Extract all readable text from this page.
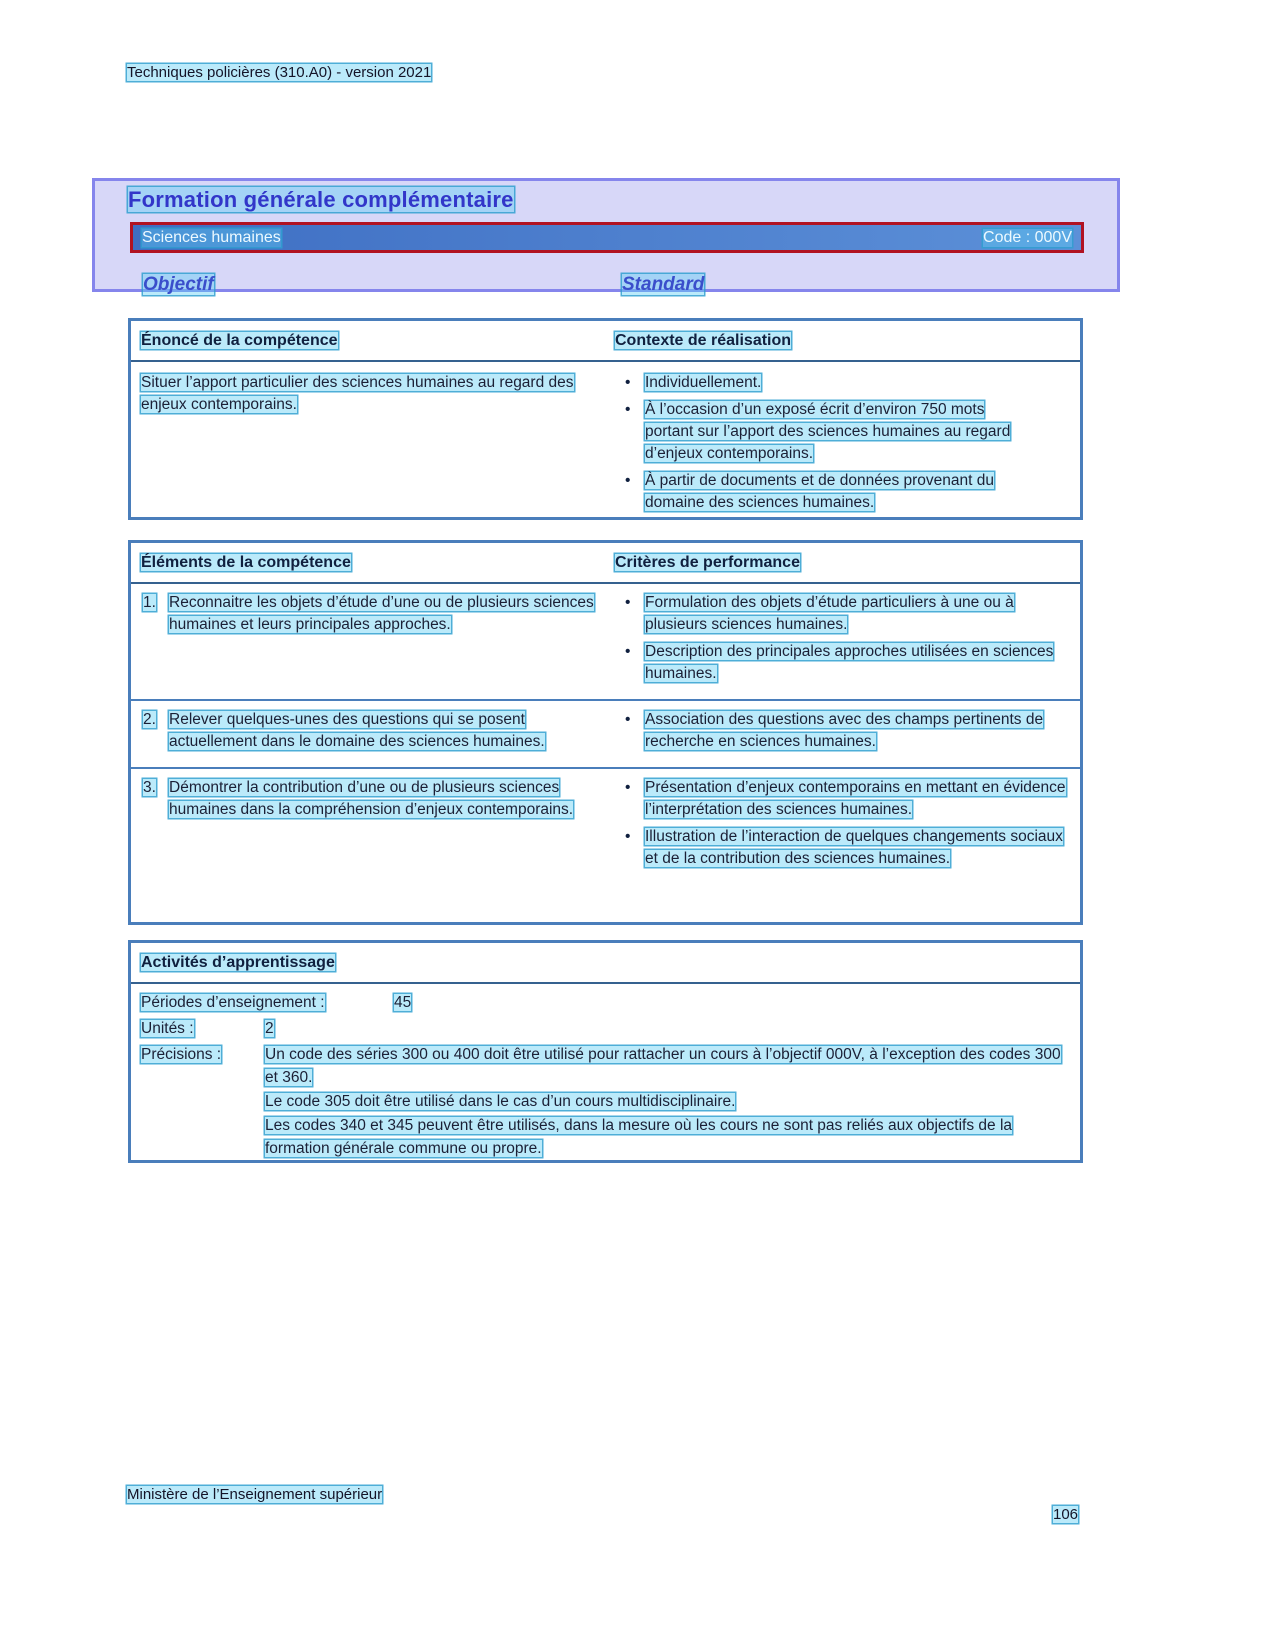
Techniques policières (310.A0) - version 2021
Formation générale complémentaire
Sciences humaines	Code : 000V
Objectif	Standard
Énoncé de la compétence	Contexte de réalisation
Situer l’apport particulier des sciences humaines au regard des enjeux contemporains.
• Individuellement.
• À l’occasion d’un exposé écrit d’environ 750 mots portant sur l’apport des sciences humaines au regard d’enjeux contemporains.
• À partir de documents et de données provenant du domaine des sciences humaines.
Éléments de la compétence	Critères de performance
1. Reconnaitre les objets d’étude d’une ou de plusieurs sciences humaines et leurs principales approches.
• Formulation des objets d’étude particuliers à une ou à plusieurs sciences humaines.
• Description des principales approches utilisées en sciences humaines.
2. Relever quelques-unes des questions qui se posent actuellement dans le domaine des sciences humaines.
• Association des questions avec des champs pertinents de recherche en sciences humaines.
3. Démontrer la contribution d’une ou de plusieurs sciences humaines dans la compréhension d’enjeux contemporains.
• Présentation d’enjeux contemporains en mettant en évidence l’interprétation des sciences humaines.
• Illustration de l’interaction de quelques changements sociaux et de la contribution des sciences humaines.
Activités d’apprentissage
Périodes d’enseignement :	45
Unités :	2
Précisions :	Un code des séries 300 ou 400 doit être utilisé pour rattacher un cours à l’objectif 000V, à l’exception des codes 300 et 360.
Le code 305 doit être utilisé dans le cas d’un cours multidisciplinaire.
Les codes 340 et 345 peuvent être utilisés, dans la mesure où les cours ne sont pas reliés aux objectifs de la formation générale commune ou propre.
Ministère de l’Enseignement supérieur
106
